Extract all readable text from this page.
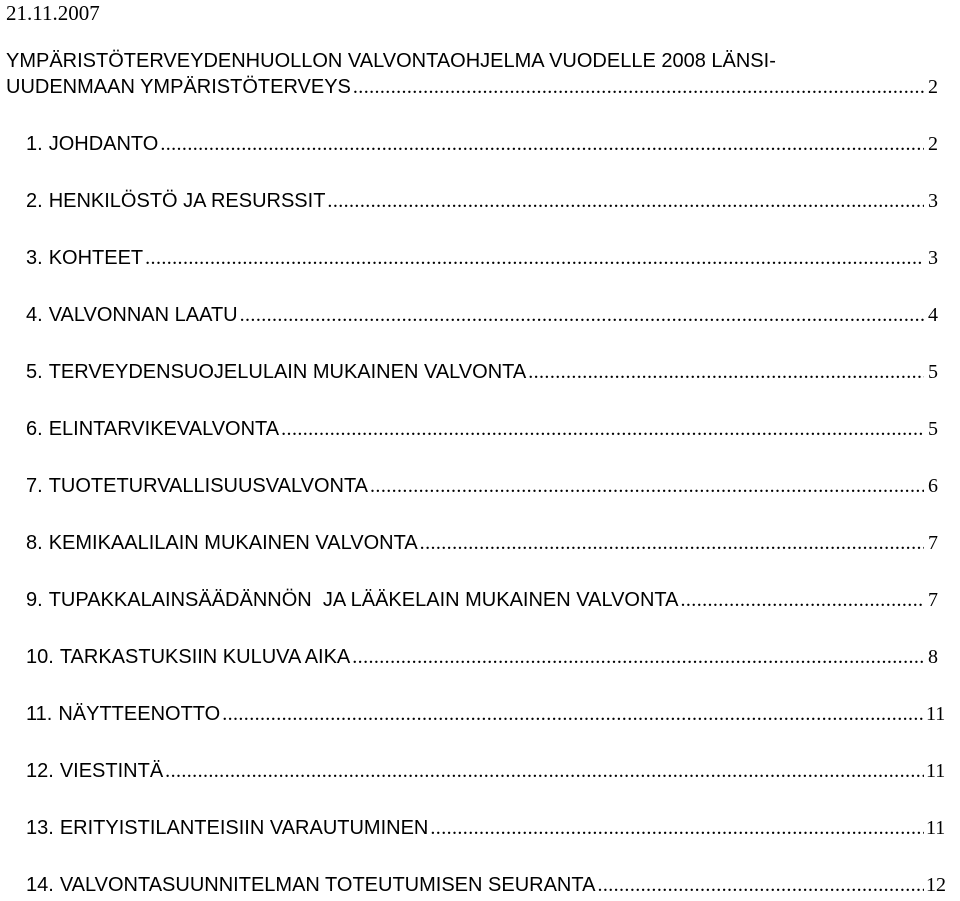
21.11.2007
YMPÄRISTÖTERVEYDENHUOLLON VALVONTAOHJELMA VUODELLE 2008 LÄNSI-
UUDENMAAN YMPÄRISTÖTERVEYS .....	2
1. JOHDANTO .....	2
2. HENKILÖSTÖ JA RESURSSIT .....	3
3. KOHTEET .....	3
4. VALVONNAN LAATU .....	4
5. TERVEYDENSUOJELULAIN MUKAINEN VALVONTA .....	5
6. ELINTARVIKEVALVONTA .....	5
7. TUOTETURVALLISUUSVALVONTA .....	6
8. KEMIKAALILAIN MUKAINEN VALVONTA .....	7
9. TUPAKKALAINSÄÄDÄNNÖN  JA LÄÄKELAIN MUKAINEN VALVONTA .....	7
10. TARKASTUKSIIN KULUVA AIKA .....	8
11. NÄYTTEENOTTO .....	11
12. VIESTINTÄ .....	11
13. ERITYISTILANTEISIIN VARAUTUMINEN .....	11
14. VALVONTASUUNNITELMAN TOTEUTUMISEN SEURANTA .....	12
